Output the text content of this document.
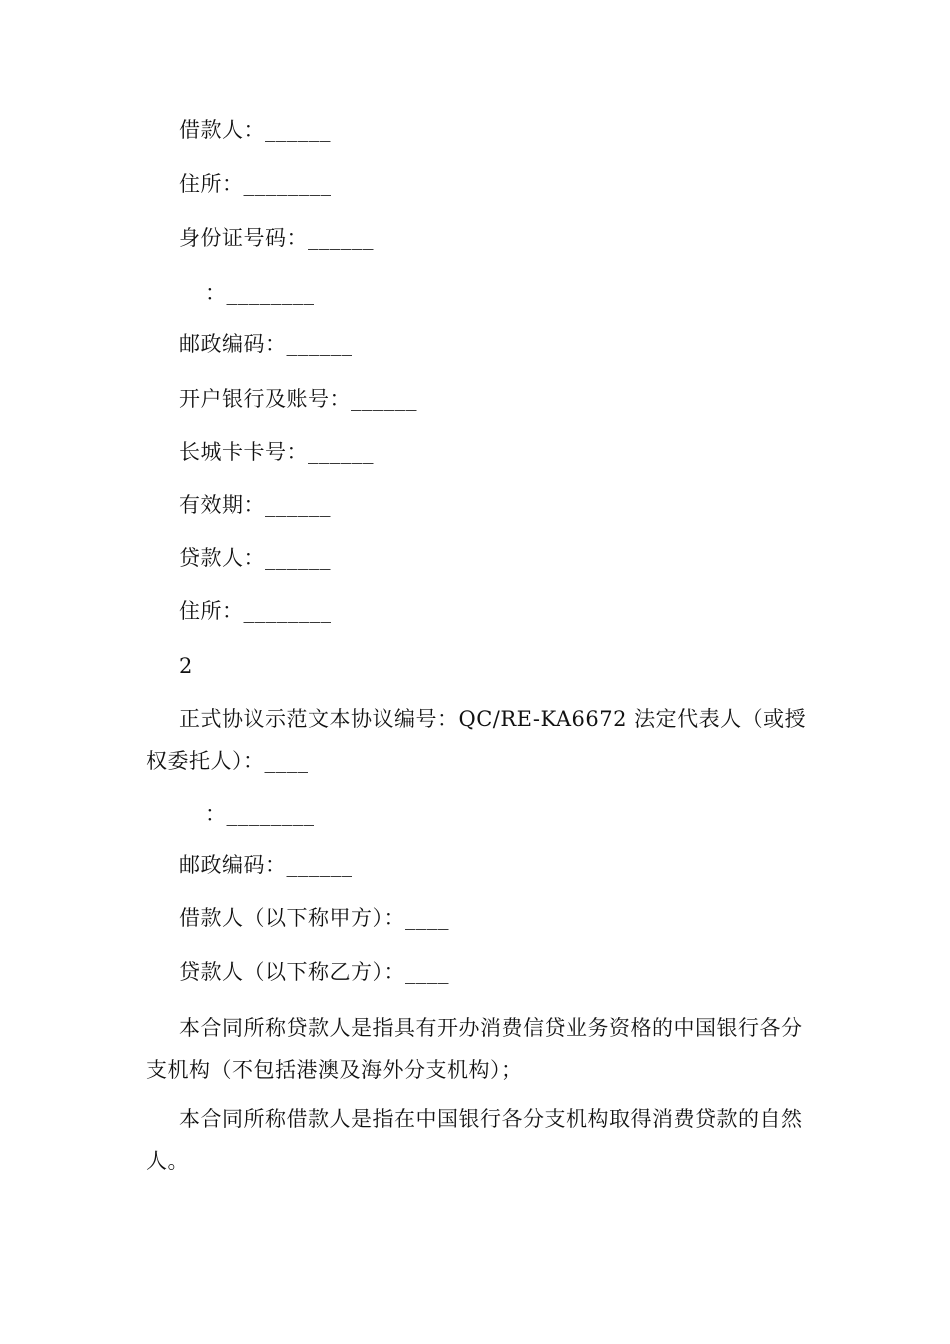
借款人：______
住所：________
身份证号码：______
：________
邮政编码：______
开户银行及账号：______
长城卡卡号：______
有效期：______
贷款人：______
住所：________
2
正式协议示范文本协议编号：QC/RE-KA6672 法定代表人（或授权委托人）：____
：________
邮政编码：______
借款人（以下称甲方）：____
贷款人（以下称乙方）：____
本合同所称贷款人是指具有开办消费信贷业务资格的中国银行各分支机构（不包括港澳及海外分支机构）；
本合同所称借款人是指在中国银行各分支机构取得消费贷款的自然人。
